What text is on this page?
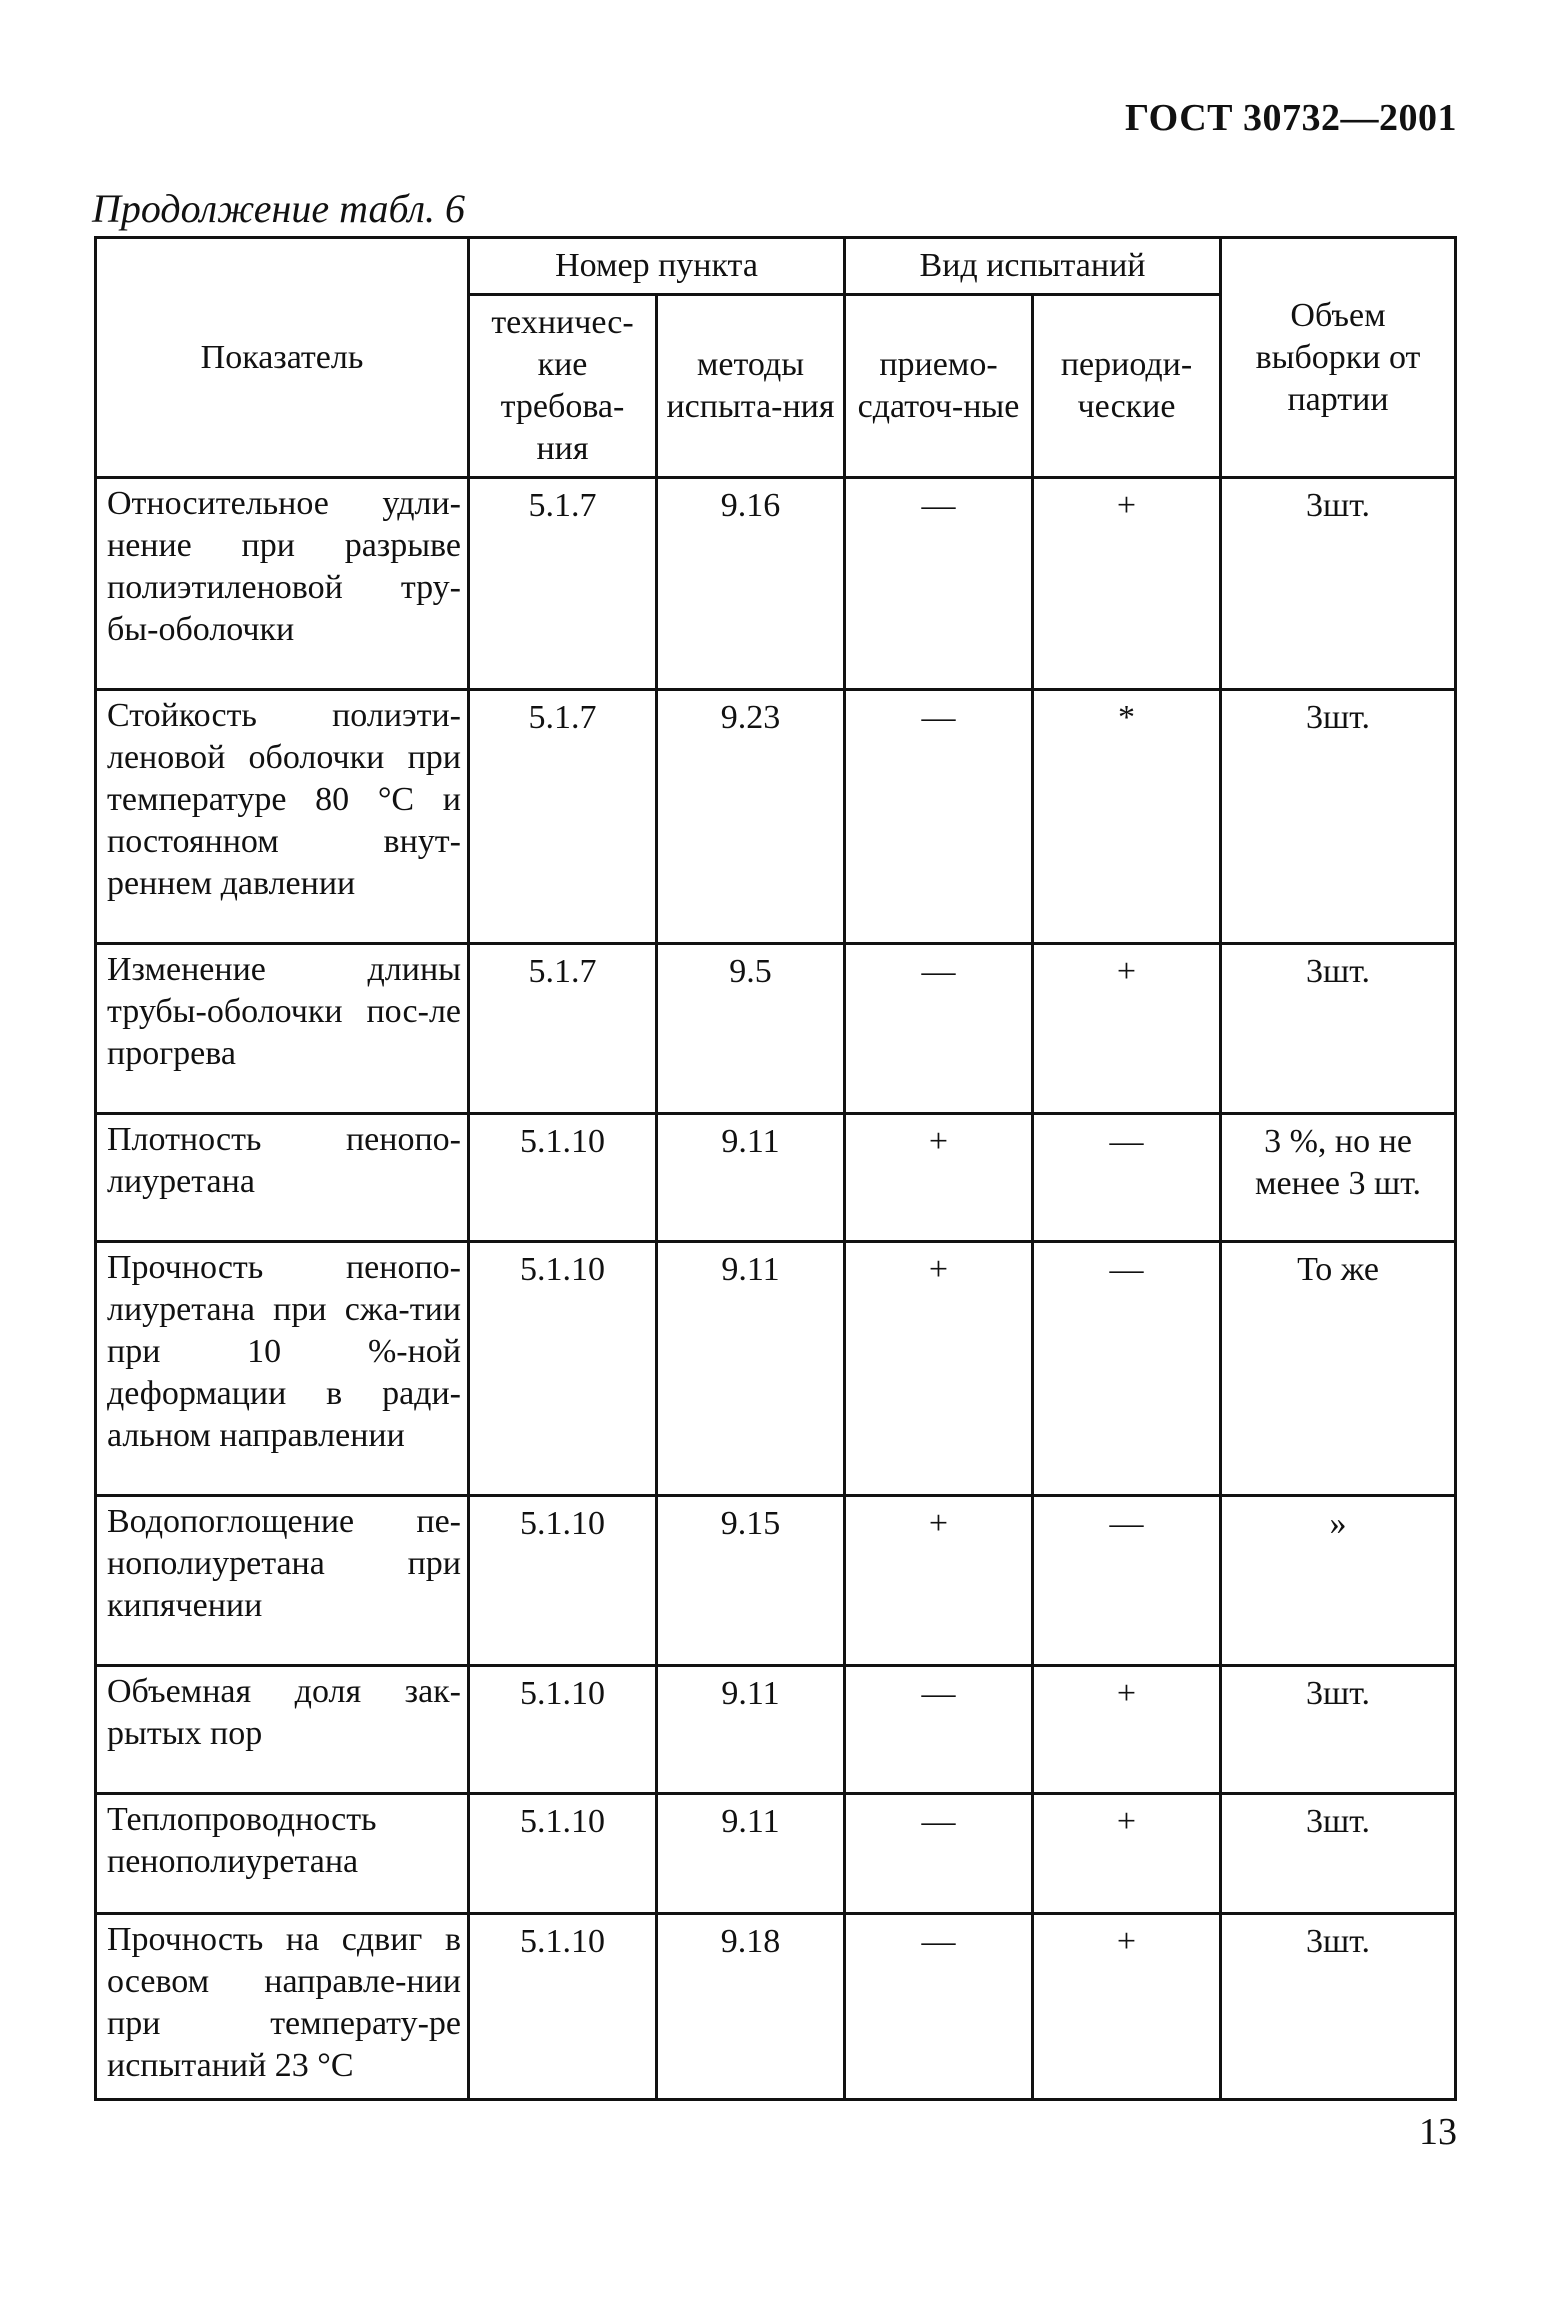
ГОСТ 30732—2001
Продолжение табл. 6
Показатель	Номер пункта		Вид испытаний		Объем выборки от партии
	техничес-кие требова-ния	методы испыта-ния	приемо-сдаточ-ные	периоди-ческие	
Относительное удли-нение при разрыве полиэтиленовой тру-бы-оболочки	5.1.7	9.16	—	+	3шт.
Стойкость полиэти-леновой оболочки при температуре 80 °С и постоянном внут-реннем давлении	5.1.7	9.23	—	*	3шт.
Изменение длины трубы-оболочки пос-ле прогрева	5.1.7	9.5	—	+	3шт.
Плотность пенопо-лиуретана	5.1.10	9.11	+	—	3 %, но не менее 3 шт.
Прочность пенопо-лиуретана при сжа-тии при 10 %-ной деформации в ради-альном направлении	5.1.10	9.11	+	—	То же
Водопоглощение пе-нополиуретана при кипячении	5.1.10	9.15	+	—	»
Объемная доля зак-рытых пор	5.1.10	9.11	—	+	3шт.
Теплопроводность пенополиуретана	5.1.10	9.11	—	+	3шт.
Прочность на сдвиг в осевом направле-нии при температу-ре испытаний 23 °С	5.1.10	9.18	—	+	3шт.
13
